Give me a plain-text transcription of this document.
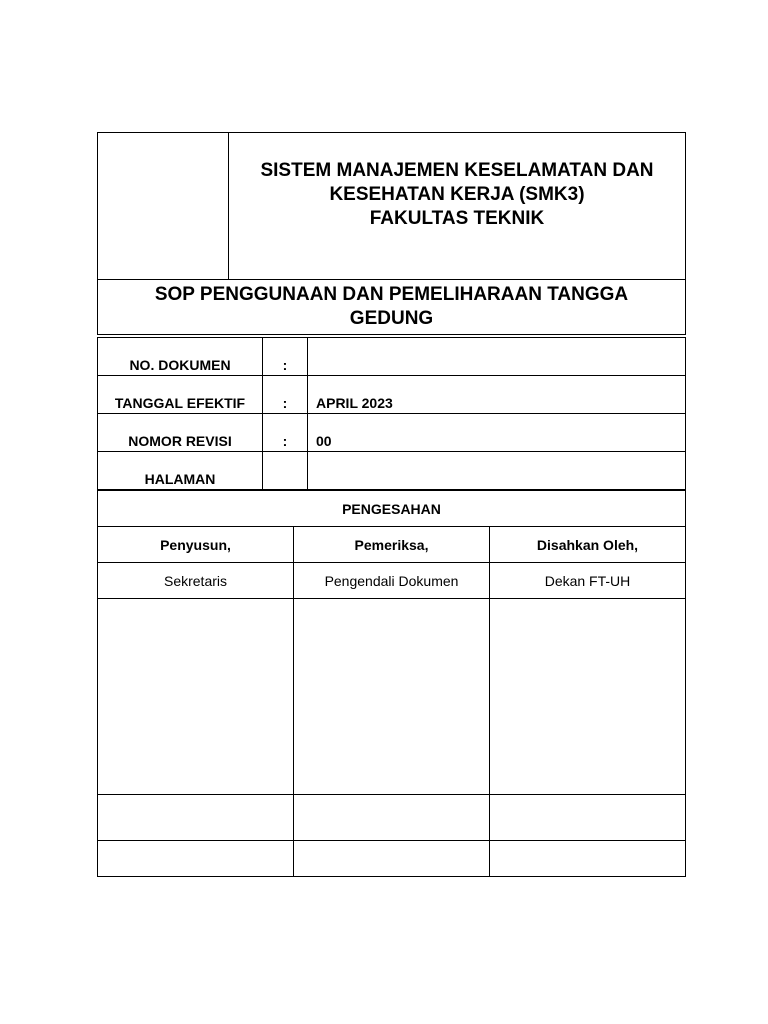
SISTEM MANAJEMEN KESELAMATAN DAN
KESEHATAN KERJA (SMK3)
FAKULTAS TEKNIK
SOP PENGGUNAAN DAN PEMELIHARAAN TANGGA GEDUNG
NO. DOKUMEN	:	
TANGGAL EFEKTIF	:	APRIL 2023
NOMOR REVISI	:	00
HALAMAN		
PENGESAHAN		
Penyusun,	Pemeriksa,	Disahkan Oleh,
Sekretaris	Pengendali Dokumen	Dekan FT-UH
